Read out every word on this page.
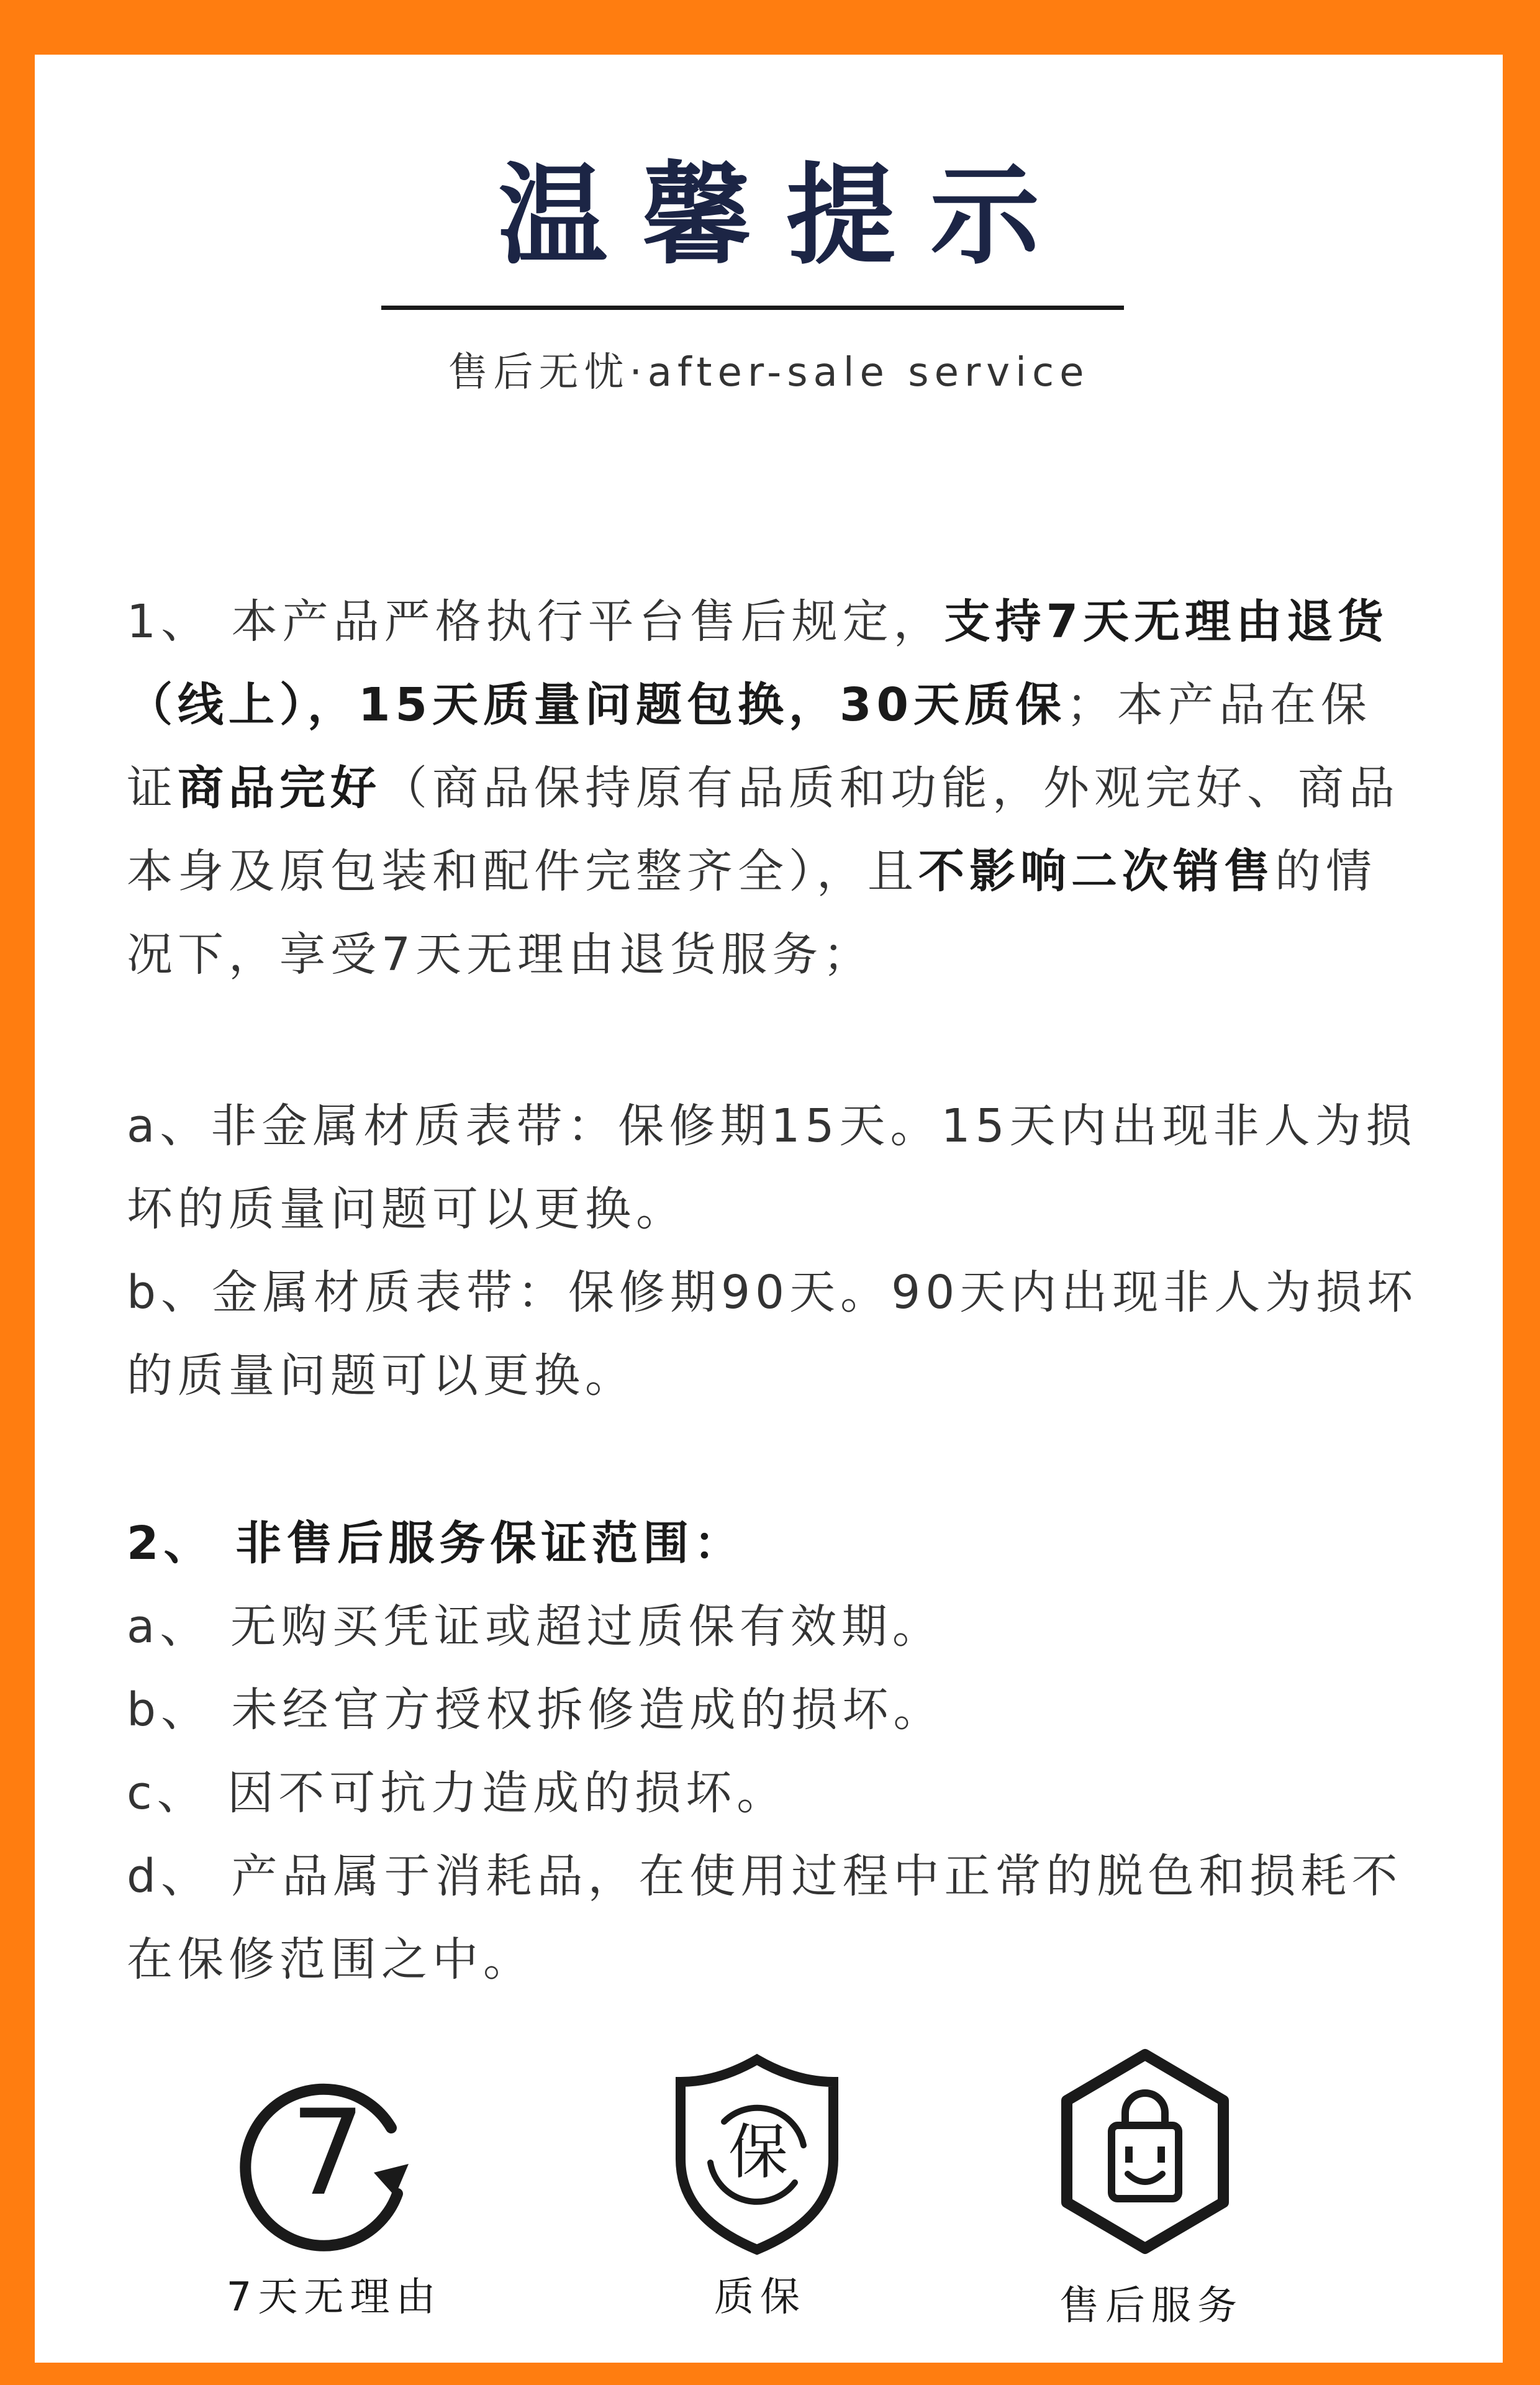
温馨提示
售后无忧·after-sale service

1、 本产品严格执行平台售后规定，支持7天无理由退货（线上），15天质量问题包换，30天质保；本产品在保证商品完好（商品保持原有品质和功能，外观完好、商品本身及原包装和配件完整齐全），且不影响二次销售的情况下，享受7天无理由退货服务；

a、非金属材质表带：保修期15天。15天内出现非人为损坏的质量问题可以更换。
b、金属材质表带：保修期90天。90天内出现非人为损坏的质量问题可以更换。
2、 非售后服务保证范围：
a、 无购买凭证或超过质保有效期。
b、 未经官方授权拆修造成的损坏。
c、 因不可抗力造成的损坏。
d、 产品属于消耗品，在使用过程中正常的脱色和损耗不在保修范围之中。
7
7天无理由
保
质保	售后服务
